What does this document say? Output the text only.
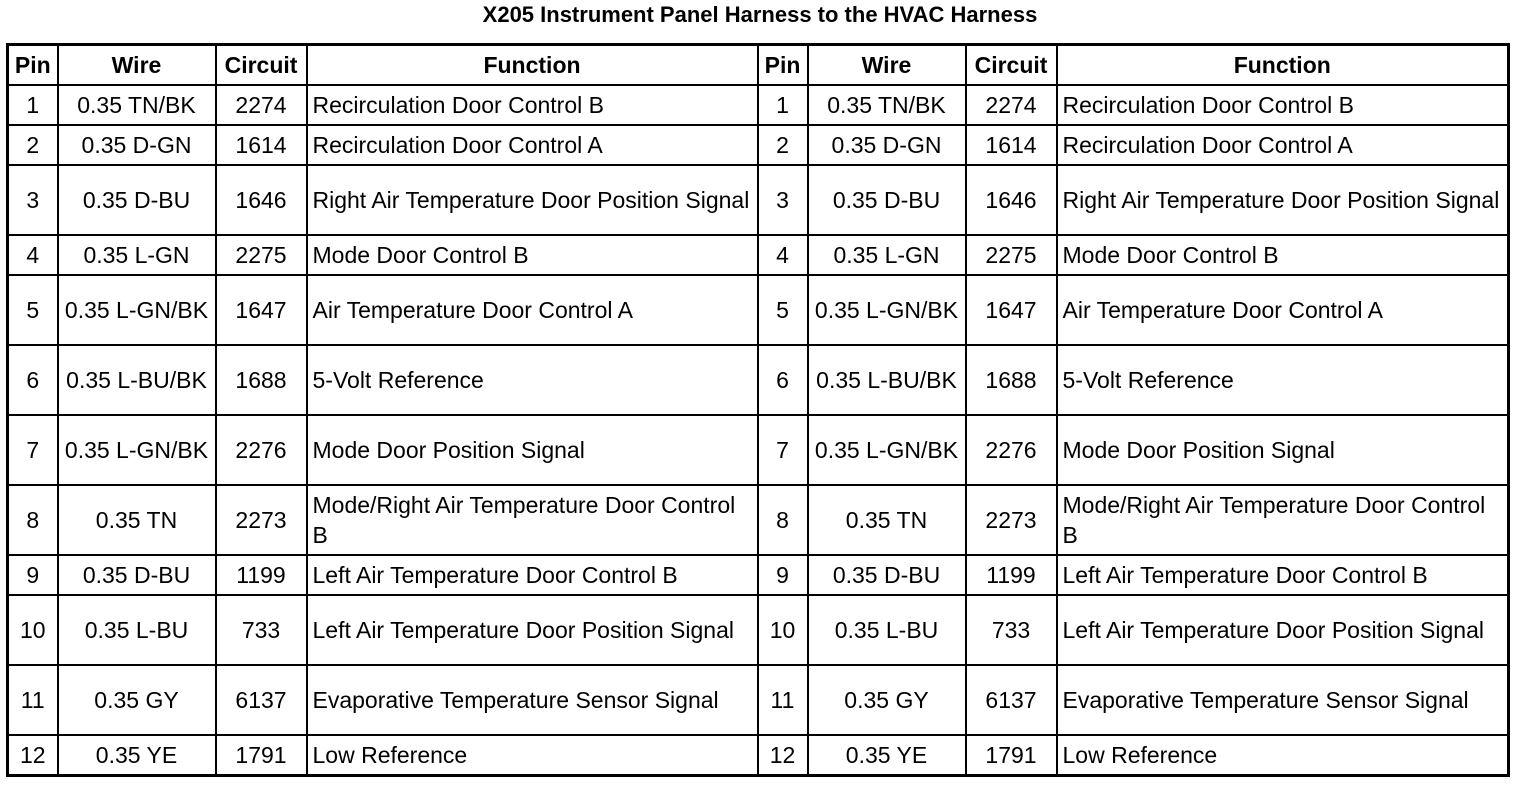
X205 Instrument Panel Harness to the HVAC Harness
Pin	Wire	Circuit	Function	Pin	Wire	Circuit	Function
1	0.35 TN/BK	2274	Recirculation Door Control B	1	0.35 TN/BK	2274	Recirculation Door Control B
2	0.35 D-GN	1614	Recirculation Door Control A	2	0.35 D-GN	1614	Recirculation Door Control A
3	0.35 D-BU	1646	Right Air Temperature Door Position Signal	3	0.35 D-BU	1646	Right Air Temperature Door Position Signal
4	0.35 L-GN	2275	Mode Door Control B	4	0.35 L-GN	2275	Mode Door Control B
5	0.35 L-GN/BK	1647	Air Temperature Door Control A	5	0.35 L-GN/BK	1647	Air Temperature Door Control A
6	0.35 L-BU/BK	1688	5-Volt Reference	6	0.35 L-BU/BK	1688	5-Volt Reference
7	0.35 L-GN/BK	2276	Mode Door Position Signal	7	0.35 L-GN/BK	2276	Mode Door Position Signal
8	0.35 TN	2273	Mode/Right Air Temperature Door Control B	8	0.35 TN	2273	Mode/Right Air Temperature Door Control B
9	0.35 D-BU	1199	Left Air Temperature Door Control B	9	0.35 D-BU	1199	Left Air Temperature Door Control B
10	0.35 L-BU	733	Left Air Temperature Door Position Signal	10	0.35 L-BU	733	Left Air Temperature Door Position Signal
11	0.35 GY	6137	Evaporative Temperature Sensor Signal	11	0.35 GY	6137	Evaporative Temperature Sensor Signal
12	0.35 YE	1791	Low Reference	12	0.35 YE	1791	Low Reference
